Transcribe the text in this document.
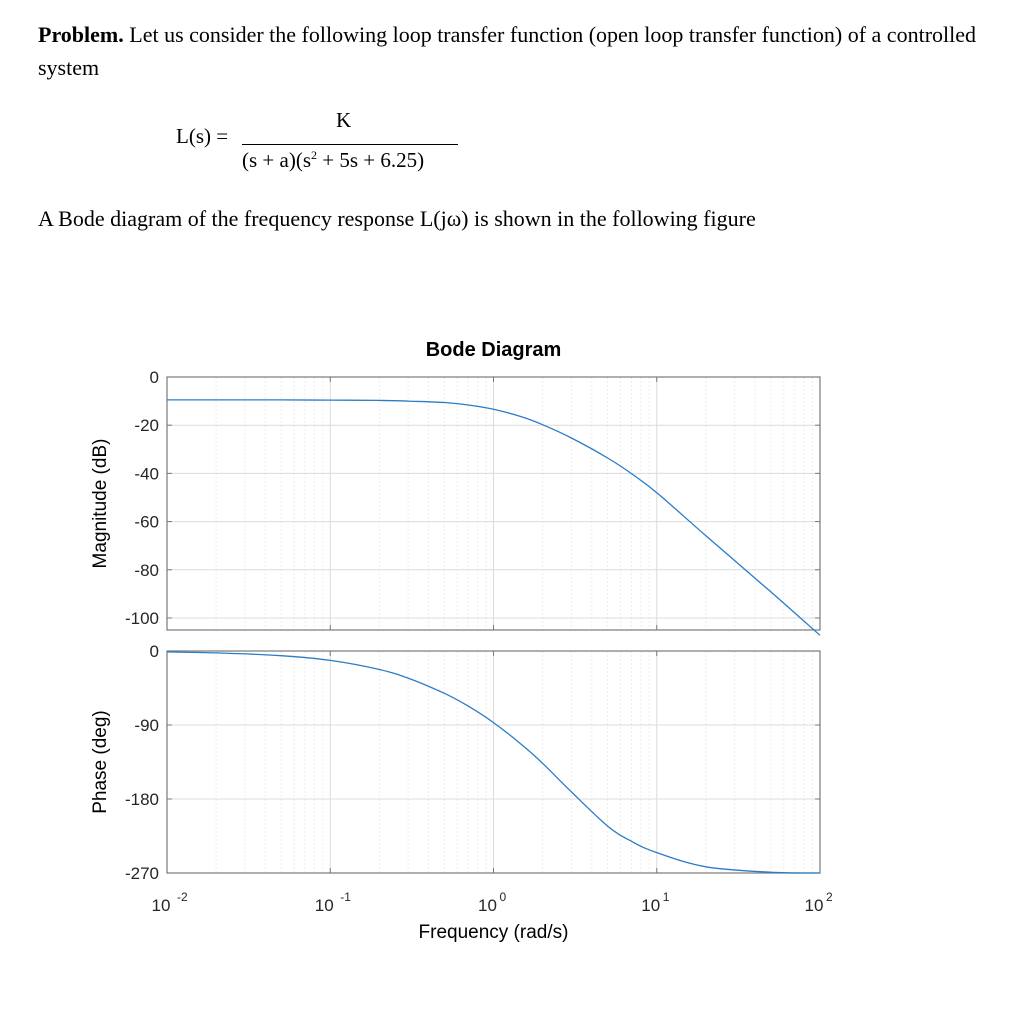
Problem. Let us consider the following loop transfer function (open loop transfer function) of a controlled system
L(s) =
K
$(s + a)(s^2 + 5s + 6.25)$
A Bode diagram of the frequency response L(jω) is shown in the following figure
Bode Diagram
0
-20
-40
-60
-80
-100
Magnitude (dB)
0
-90
-180
-270
Phase (deg)
10 -2	10 -1	10 0	10 1	10 2
Frequency (rad/s)
